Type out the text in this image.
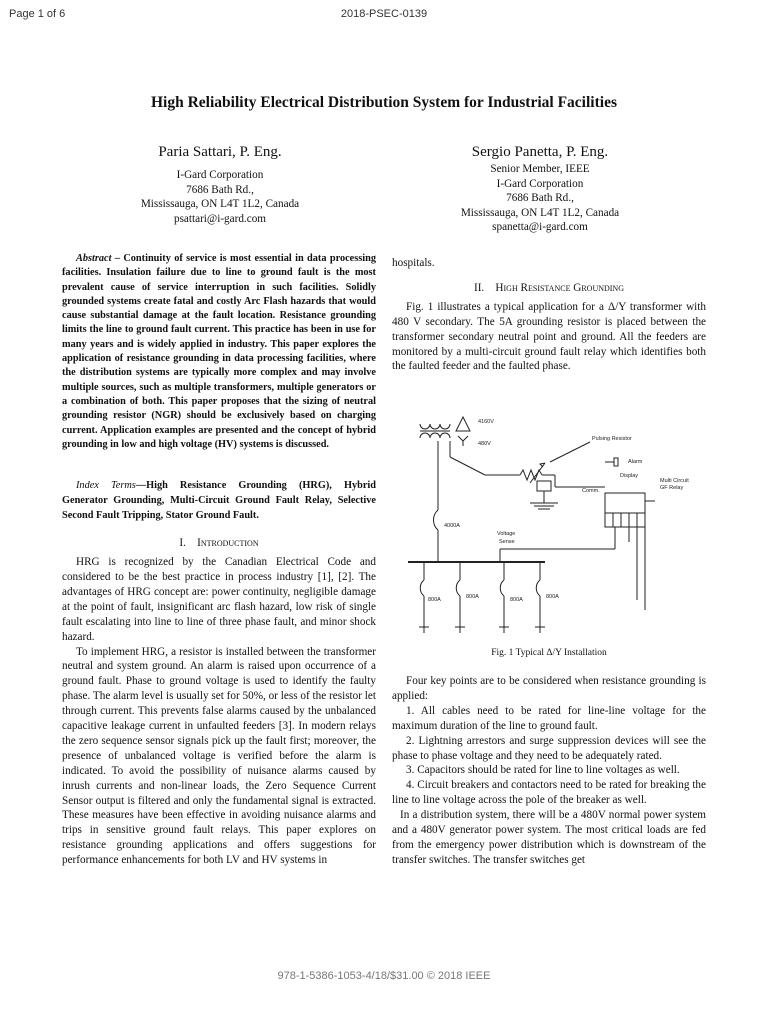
Page 1 of 6	2018-PSEC-0139
High Reliability Electrical Distribution System for Industrial Facilities
Paria Sattari, P. Eng.
I-Gard Corporation
7686 Bath Rd.,
Mississauga, ON L4T 1L2, Canada
psattari@i-gard.com
Sergio Panetta, P. Eng.
Senior Member, IEEE
I-Gard Corporation
7686 Bath Rd.,
Mississauga, ON L4T 1L2, Canada
spanetta@i-gard.com

Abstract – Continuity of service is most essential in data processing facilities. Insulation failure due to line to ground fault is the most prevalent cause of service interruption in such facilities. Solidly grounded systems create fatal and costly Arc Flash hazards that would cause substantial damage at the fault location. Resistance grounding limits the line to ground fault current. This practice has been in use for many years and is widely applied in industry. This paper explores the application of resistance grounding in data processing facilities, where the distribution systems are typically more complex and may involve multiple sources, such as multiple transformers, multiple generators or a combination of both. This paper proposes that the sizing of neutral grounding resistor (NGR) should be exclusively based on charging current. Application examples are presented and the concept of hybrid grounding in low and high voltage (HV) systems is discussed.

Index Terms—High Resistance Grounding (HRG), Hybrid Generator Grounding, Multi-Circuit Ground Fault Relay, Selective Second Fault Tripping, Stator Ground Fault.

I.    Introduction

HRG is recognized by the Canadian Electrical Code and considered to be the best practice in process industry [1], [2]. The advantages of HRG concept are: power continuity, negligible damage at the point of fault, insignificant arc flash hazard, low risk of single fault escalating into line to line of three phase fault, and minor shock hazard.

To implement HRG, a resistor is installed between the transformer neutral and system ground. An alarm is raised upon occurrence of a ground fault. Phase to ground voltage is used to identify the faulty phase. The alarm level is usually set for 50%, or less of the resistor let through current. This prevents false alarms caused by the unbalanced capacitive leakage current in unfaulted feeders [3]. In modern relays the zero sequence sensor signals pick up the fault first; moreover, the presence of unbalanced voltage is verified before the alarm is indicated. To avoid the possibility of nuisance alarms caused by inrush currents and non-linear loads, the Zero Sequence Current Sensor output is filtered and only the fundamental signal is extracted. These measures have been effective in avoiding nuisance alarms and trips in sensitive ground fault relays. This paper explores on resistance grounding applications and offers suggestions for performance enhancements for both LV and HV systems in

hospitals.

II.    High Resistance Grounding

Fig. 1 illustrates a typical application for a Δ/Y transformer with 480 V secondary. The 5A grounding resistor is placed between the transformer secondary neutral point and ground. All the feeders are monitored by a multi-circuit ground fault relay which identifies both the faulted feeder and the faulted phase.

4160V
480V
Pulsing Resistor
Alarm
Display
Comm.
Multi Circuit
GF Relay
4000A
Voltage
Sense
800A	800A	800A	800A
Fig. 1 Typical Δ/Y Installation

Four key points are to be considered when resistance grounding is applied:

1. All cables need to be rated for line-line voltage for the maximum duration of the line to ground fault.
2. Lightning arrestors and surge suppression devices will see the phase to phase voltage and they need to be adequately rated.
3. Capacitors should be rated for line to line voltages as well.
4. Circuit breakers and contactors need to be rated for breaking the line to line voltage across the pole of the breaker as well.

In a distribution system, there will be a 480V normal power system and a 480V generator power system. The most critical loads are fed from the emergency power distribution which is downstream of the transfer switches. The transfer switches get

978-1-5386-1053-4/18/$31.00 © 2018 IEEE
